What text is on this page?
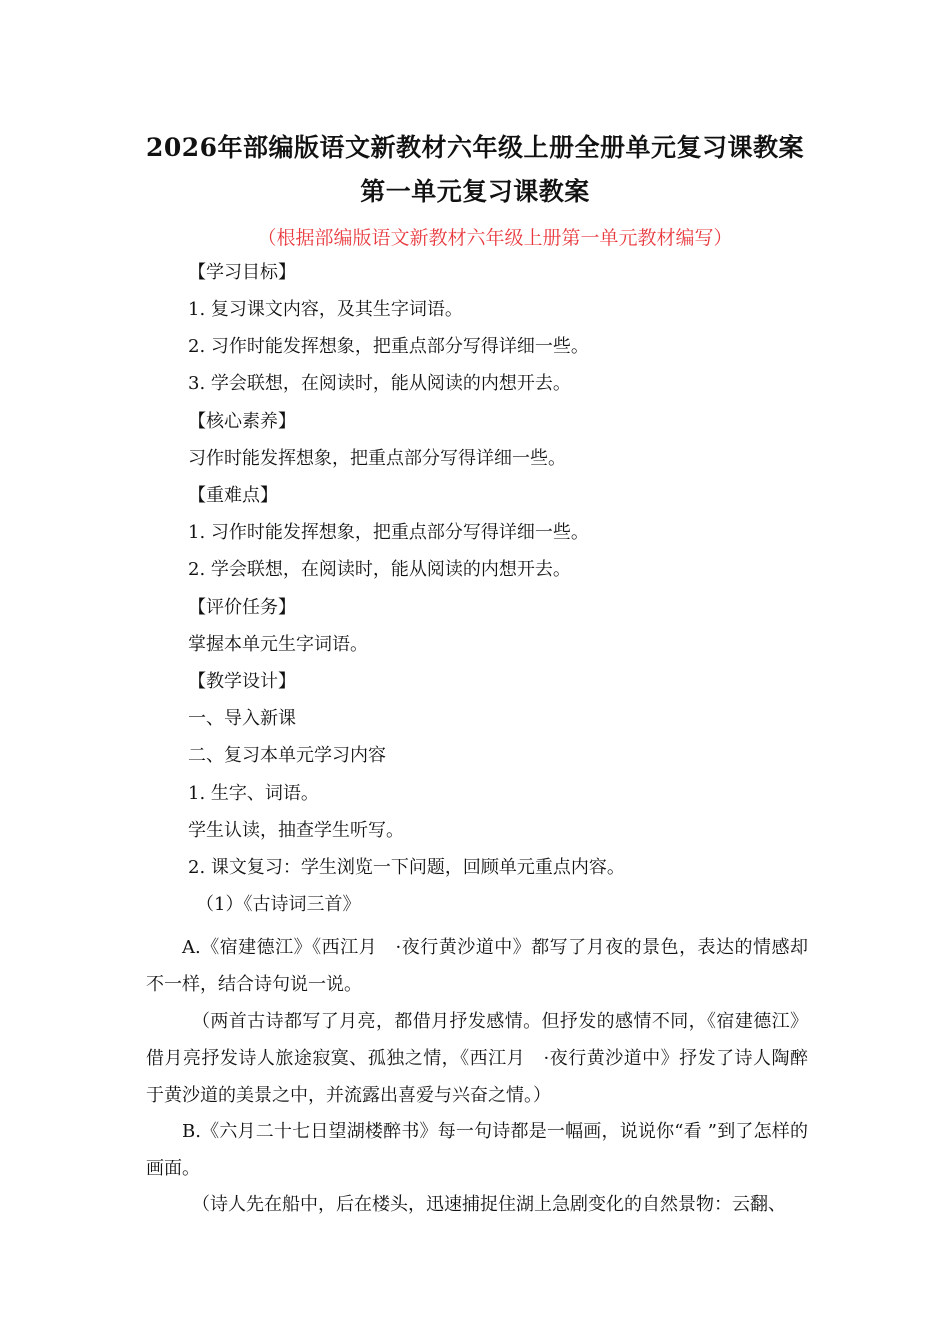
2026年部编版语文新教材六年级上册全册单元复习课教案
第一单元复习课教案
（根据部编版语文新教材六年级上册第一单元教材编写）
【学习目标】
1. 复习课文内容，及其生字词语。
2. 习作时能发挥想象，把重点部分写得详细一些。
3. 学会联想，在阅读时，能从阅读的内想开去。
【核心素养】
习作时能发挥想象，把重点部分写得详细一些。
【重难点】
1. 习作时能发挥想象，把重点部分写得详细一些。
2. 学会联想，在阅读时，能从阅读的内想开去。
【评价任务】
掌握本单元生字词语。
【教学设计】
一、导入新课
二、复习本单元学习内容
1. 生字、词语。
学生认读，抽查学生听写。
2. 课文复习：学生浏览一下问题，回顾单元重点内容。
（1）《古诗词三首》
A.《宿建德江》《西江月　·夜行黄沙道中》都写了月夜的景色，表达的情感却不一样，结合诗句说一说。
（两首古诗都写了月亮，都借月抒发感情。但抒发的感情不同，《宿建德江》借月亮抒发诗人旅途寂寞、孤独之情，《西江月　·夜行黄沙道中》抒发了诗人陶醉于黄沙道的美景之中，并流露出喜爱与兴奋之情。）
B.《六月二十七日望湖楼醉书》每一句诗都是一幅画，说说你“看 ”到了怎样的画面。
（诗人先在船中，后在楼头，迅速捕捉住湖上急剧变化的自然景物：云翻、
